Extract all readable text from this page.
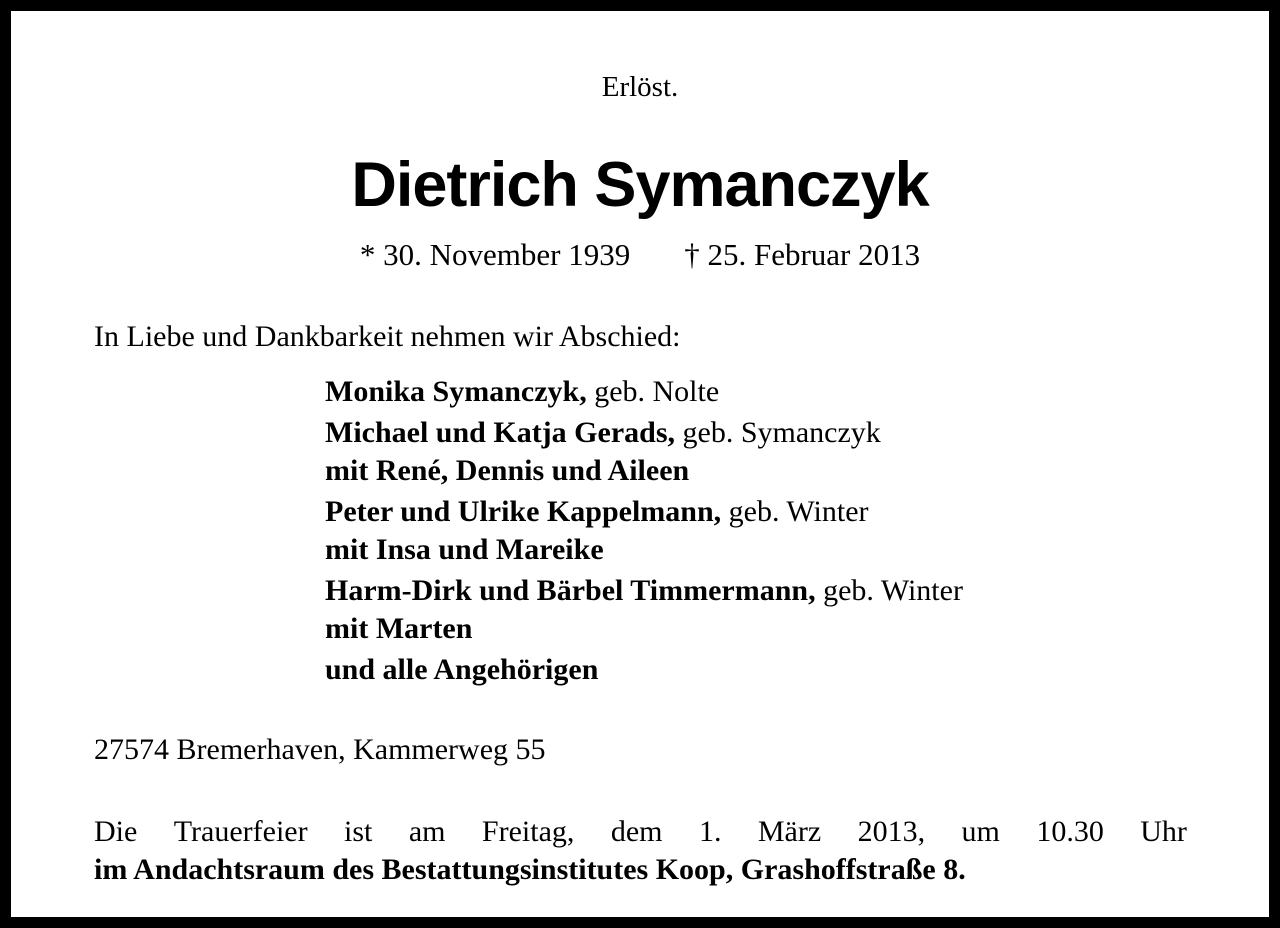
Erlöst.
Dietrich Symanczyk
* 30. November 1939 † 25. Februar 2013
In Liebe und Dankbarkeit nehmen wir Abschied:
Monika Symanczyk, geb. Nolte
Michael und Katja Gerads, geb. Symanczyk
mit René, Dennis und Aileen
Peter und Ulrike Kappelmann, geb. Winter
mit Insa und Mareike
Harm-Dirk und Bärbel Timmermann, geb. Winter
mit Marten
und alle Angehörigen
27574 Bremerhaven, Kammerweg 55
Die Trauerfeier ist am Freitag, dem 1. März 2013, um 10.30 Uhr
im Andachtsraum des Bestattungsinstitutes Koop, Grashoffstraße 8.
